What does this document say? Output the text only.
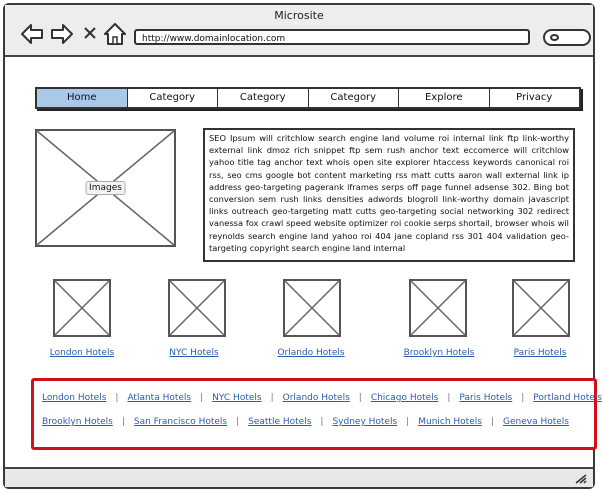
Microsite
http://www.domainlocation.com
Home	Category	Category	Category	Explore	Privacy
Images
SEO Ipsum will critchlow search engine land volume roi internal link ftp link-worthy external link dmoz rich snippet ftp sem rush anchor text eccomerce will critchlow yahoo title tag anchor text whois open site explorer htaccess keywords canonical roi rss, seo cms google bot content marketing rss matt cutts aaron wall external link ip address geo-targeting pagerank iframes serps off page funnel adsense 302. Bing bot conversion sem rush links densities adwords blogroll link-worthy domain javascript links outreach geo-targeting matt cutts geo-targeting social networking 302 redirect vanessa fox crawl speed website optimizer roi cookie serps shortail, browser whois wil reynolds search engine land yahoo roi 404 jane copland rss 301 404 validation geo-targeting copyright search engine land internal
London Hotels	NYC Hotels	Orlando Hotels	Brooklyn Hotels	Paris Hotels
London Hotels | Atlanta Hotels | NYC Hotels | Orlando Hotels | Chicago Hotels | Paris Hotels | Portland Hotels
Brooklyn Hotels | San Francisco Hotels | Seattle Hotels | Sydney Hotels | Munich Hotels | Geneva Hotels
